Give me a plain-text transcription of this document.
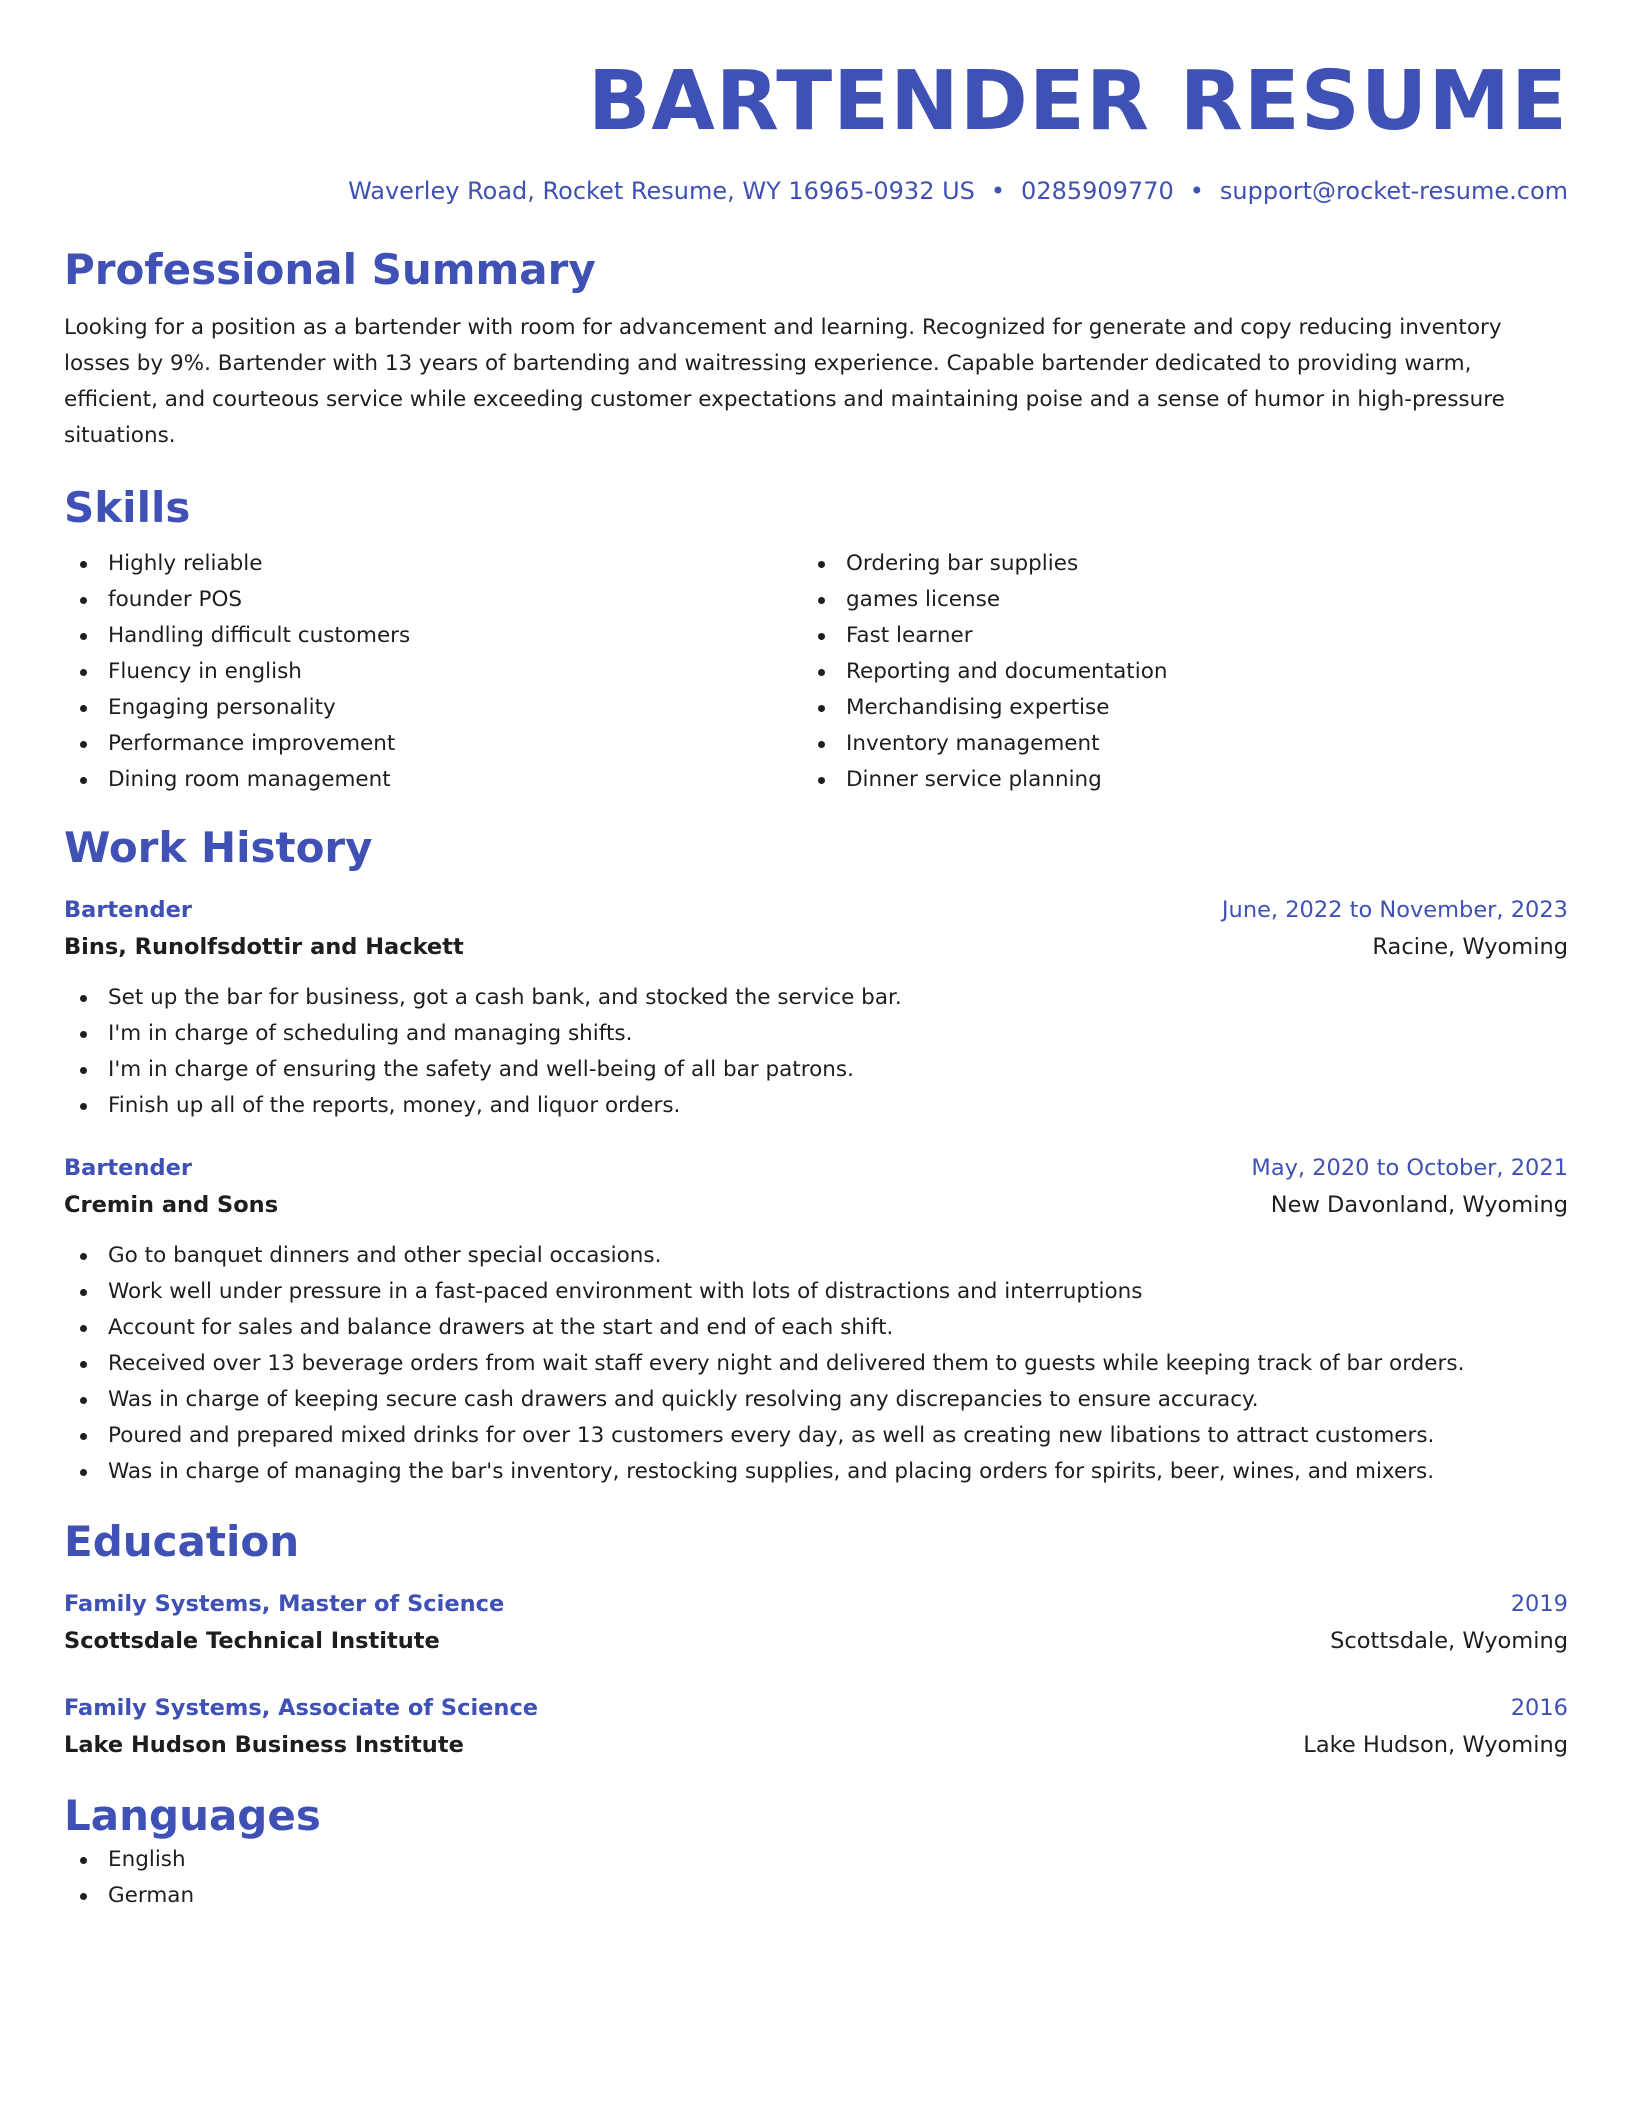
BARTENDER RESUME
Waverley Road, Rocket Resume, WY 16965-0932 US • 0285909770 • support@rocket-resume.com
Professional Summary

Looking for a position as a bartender with room for advancement and learning. Recognized for generate and copy reducing inventory losses by 9%. Bartender with 13 years of bartending and waitressing experience. Capable bartender dedicated to providing warm, efficient, and courteous service while exceeding customer expectations and maintaining poise and a sense of humor in high-pressure situations.

Skills
Highly reliable
founder POS
Handling difficult customers
Fluency in english
Engaging personality
Performance improvement
Dining room management
Ordering bar supplies
games license
Fast learner
Reporting and documentation
Merchandising expertise
Inventory management
Dinner service planning
Work History
Bartender	June, 2022 to November, 2023
Bins, Runolfsdottir and Hackett	Racine, Wyoming
Set up the bar for business, got a cash bank, and stocked the service bar.
I'm in charge of scheduling and managing shifts.
I'm in charge of ensuring the safety and well-being of all bar patrons.
Finish up all of the reports, money, and liquor orders.
Bartender	May, 2020 to October, 2021
Cremin and Sons	New Davonland, Wyoming
Go to banquet dinners and other special occasions.
Work well under pressure in a fast-paced environment with lots of distractions and interruptions
Account for sales and balance drawers at the start and end of each shift.
Received over 13 beverage orders from wait staff every night and delivered them to guests while keeping track of bar orders.
Was in charge of keeping secure cash drawers and quickly resolving any discrepancies to ensure accuracy.
Poured and prepared mixed drinks for over 13 customers every day, as well as creating new libations to attract customers.
Was in charge of managing the bar's inventory, restocking supplies, and placing orders for spirits, beer, wines, and mixers.
Education
Family Systems, Master of Science	2019
Scottsdale Technical Institute	Scottsdale, Wyoming
Family Systems, Associate of Science	2016
Lake Hudson Business Institute	Lake Hudson, Wyoming
Languages
English
German
